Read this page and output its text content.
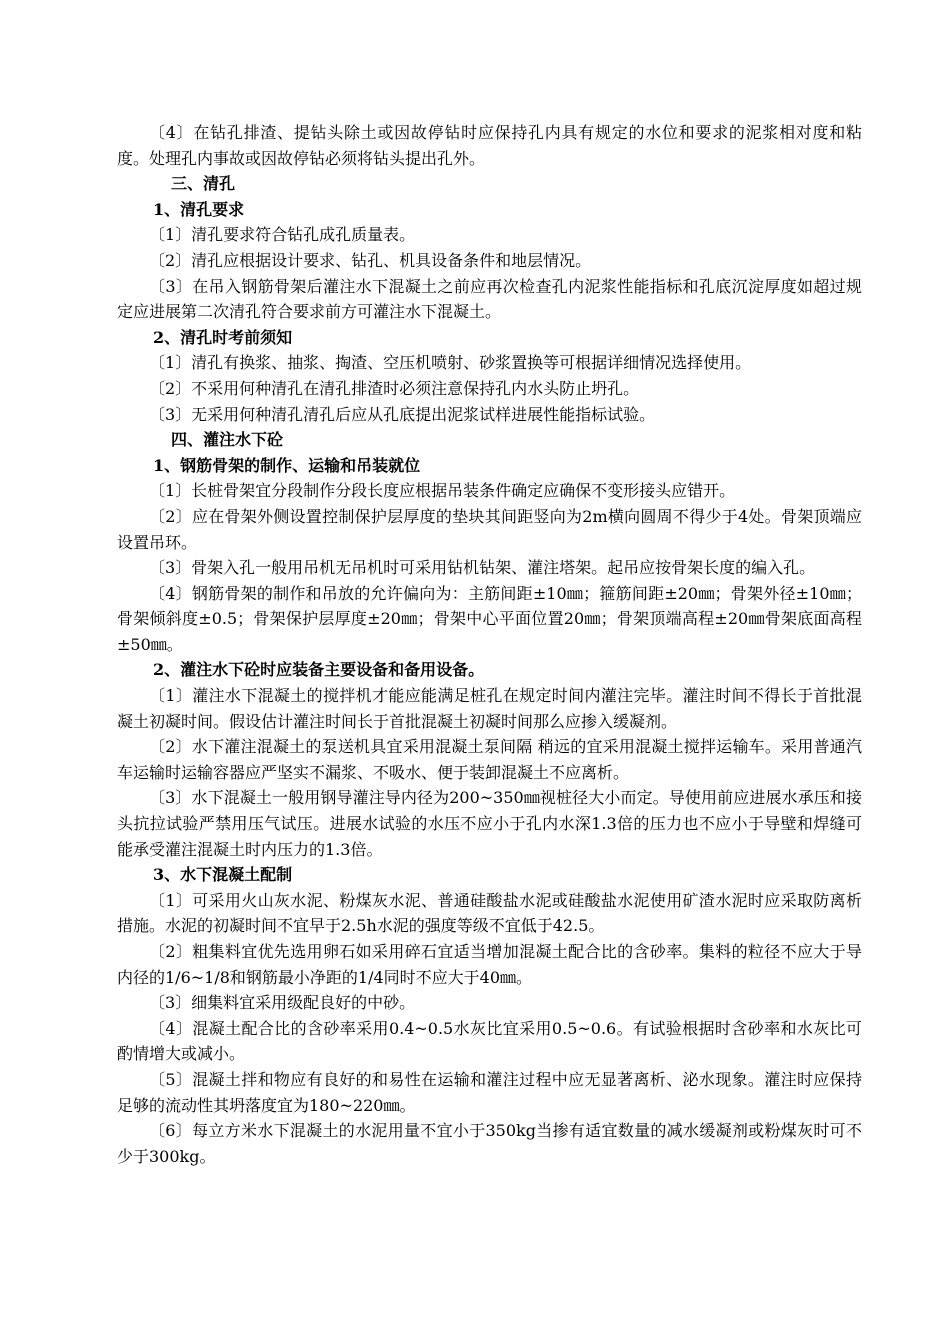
〔4〕在钻孔排渣、提钻头除土或因故停钻时应保持孔内具有规定的水位和要求的泥浆相对度和粘度。处理孔内事故或因故停钻必须将钻头提出孔外。

三、清孔

1、清孔要求

〔1〕清孔要求符合钻孔成孔质量表。

〔2〕清孔应根据设计要求、钻孔、机具设备条件和地层情况。

〔3〕在吊入钢筋骨架后灌注水下混凝土之前应再次检查孔内泥浆性能指标和孔底沉淀厚度如超过规定应进展第二次清孔符合要求前方可灌注水下混凝土。

2、清孔时考前须知

〔1〕清孔有换浆、抽浆、掏渣、空压机喷射、砂浆置换等可根据详细情况选择使用。

〔2〕不采用何种清孔在清孔排渣时必须注意保持孔内水头防止坍孔。

〔3〕无采用何种清孔清孔后应从孔底提出泥浆试样进展性能指标试验。

四、灌注水下砼

1、钢筋骨架的制作、运输和吊装就位

〔1〕长桩骨架宜分段制作分段长度应根据吊装条件确定应确保不变形接头应错开。

〔2〕应在骨架外侧设置控制保护层厚度的垫块其间距竖向为2m横向圆周不得少于4处。骨架顶端应设置吊环。

〔3〕骨架入孔一般用吊机无吊机时可采用钻机钻架、灌注塔架。起吊应按骨架长度的编入孔。

〔4〕钢筋骨架的制作和吊放的允许偏向为：主筋间距±10㎜；箍筋间距±20㎜；骨架外径±10㎜；骨架倾斜度±0.5；骨架保护层厚度±20㎜；骨架中心平面位置20㎜；骨架顶端高程±20㎜骨架底面高程±50㎜。

2、灌注水下砼时应装备主要设备和备用设备。

〔1〕灌注水下混凝土的搅拌机才能应能满足桩孔在规定时间内灌注完毕。灌注时间不得长于首批混凝土初凝时间。假设估计灌注时间长于首批混凝土初凝时间那么应掺入缓凝剂。

〔2〕水下灌注混凝土的泵送机具宜采用混凝土泵间隔 稍远的宜采用混凝土搅拌运输车。采用普通汽车运输时运输容器应严坚实不漏浆、不吸水、便于装卸混凝土不应离析。

〔3〕水下混凝土一般用钢导灌注导内径为200~350㎜视桩径大小而定。导使用前应进展水承压和接头抗拉试验严禁用压气试压。进展水试验的水压不应小于孔内水深1.3倍的压力也不应小于导壁和焊缝可能承受灌注混凝土时内压力的1.3倍。

3、水下混凝土配制

〔1〕可采用火山灰水泥、粉煤灰水泥、普通硅酸盐水泥或硅酸盐水泥使用矿渣水泥时应采取防离析措施。水泥的初凝时间不宜早于2.5h水泥的强度等级不宜低于42.5。

〔2〕粗集料宜优先选用卵石如采用碎石宜适当增加混凝土配合比的含砂率。集料的粒径不应大于导内径的1/6~1/8和钢筋最小净距的1/4同时不应大于40㎜。

〔3〕细集料宜采用级配良好的中砂。

〔4〕混凝土配合比的含砂率采用0.4~0.5水灰比宜采用0.5~0.6。有试验根据时含砂率和水灰比可酌情增大或减小。

〔5〕混凝土拌和物应有良好的和易性在运输和灌注过程中应无显著离析、泌水现象。灌注时应保持足够的流动性其坍落度宜为180~220㎜。

〔6〕每立方米水下混凝土的水泥用量不宜小于350kg当掺有适宜数量的减水缓凝剂或粉煤灰时可不少于300kg。
